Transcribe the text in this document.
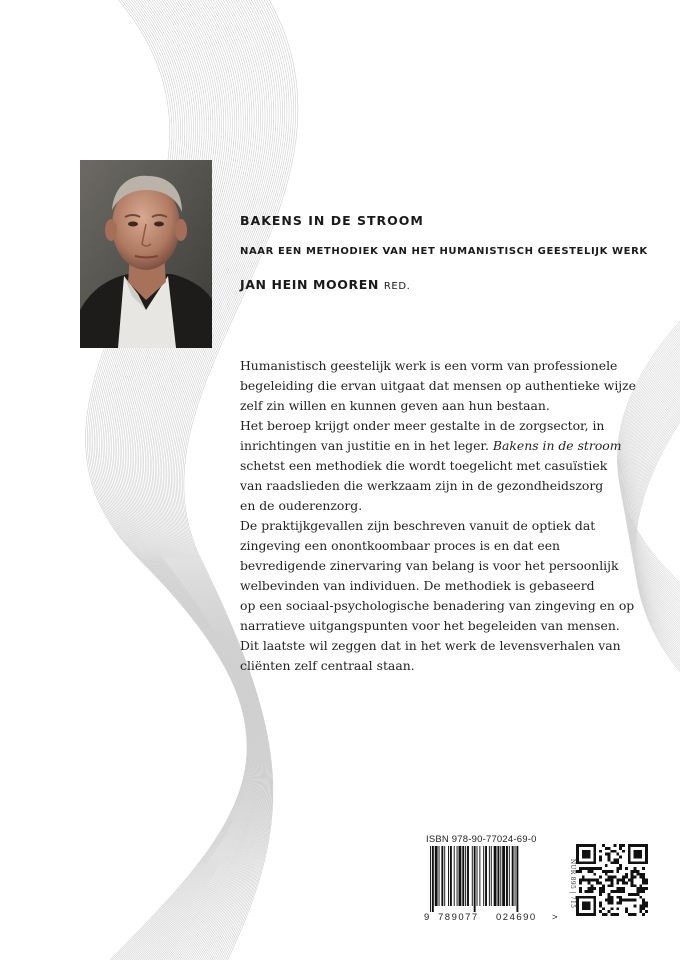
BAKENS IN DE STROOM
NAAR EEN METHODIEK VAN HET HUMANISTISCH GEESTELIJK WERK
JAN HEIN MOOREN RED.
Humanistisch geestelijk werk is een vorm van professionele
begeleiding die ervan uitgaat dat mensen op authentieke wijze
zelf zin willen en kunnen geven aan hun bestaan.
Het beroep krijgt onder meer gestalte in de zorgsector, in
inrichtingen van justitie en in het leger. Bakens in de stroom
schetst een methodiek die wordt toegelicht met casuïstiek
van raadslieden die werkzaam zijn in de gezondheidszorg
en de ouderenzorg.
De praktijkgevallen zijn beschreven vanuit de optiek dat
zingeving een onontkoombaar proces is en dat een
bevredigende zinervaring van belang is voor het persoonlijk
welbevinden van individuen. De methodiek is gebaseerd
op een sociaal-psychologische benadering van zingeving en op
narratieve uitgangspunten voor het begeleiden van mensen.
Dit laatste wil zeggen dat in het werk de levensverhalen van
cliënten zelf centraal staan.
ISBN 978-90-77024-69-0
9 789077 024690 >
NUR 895 | 715
